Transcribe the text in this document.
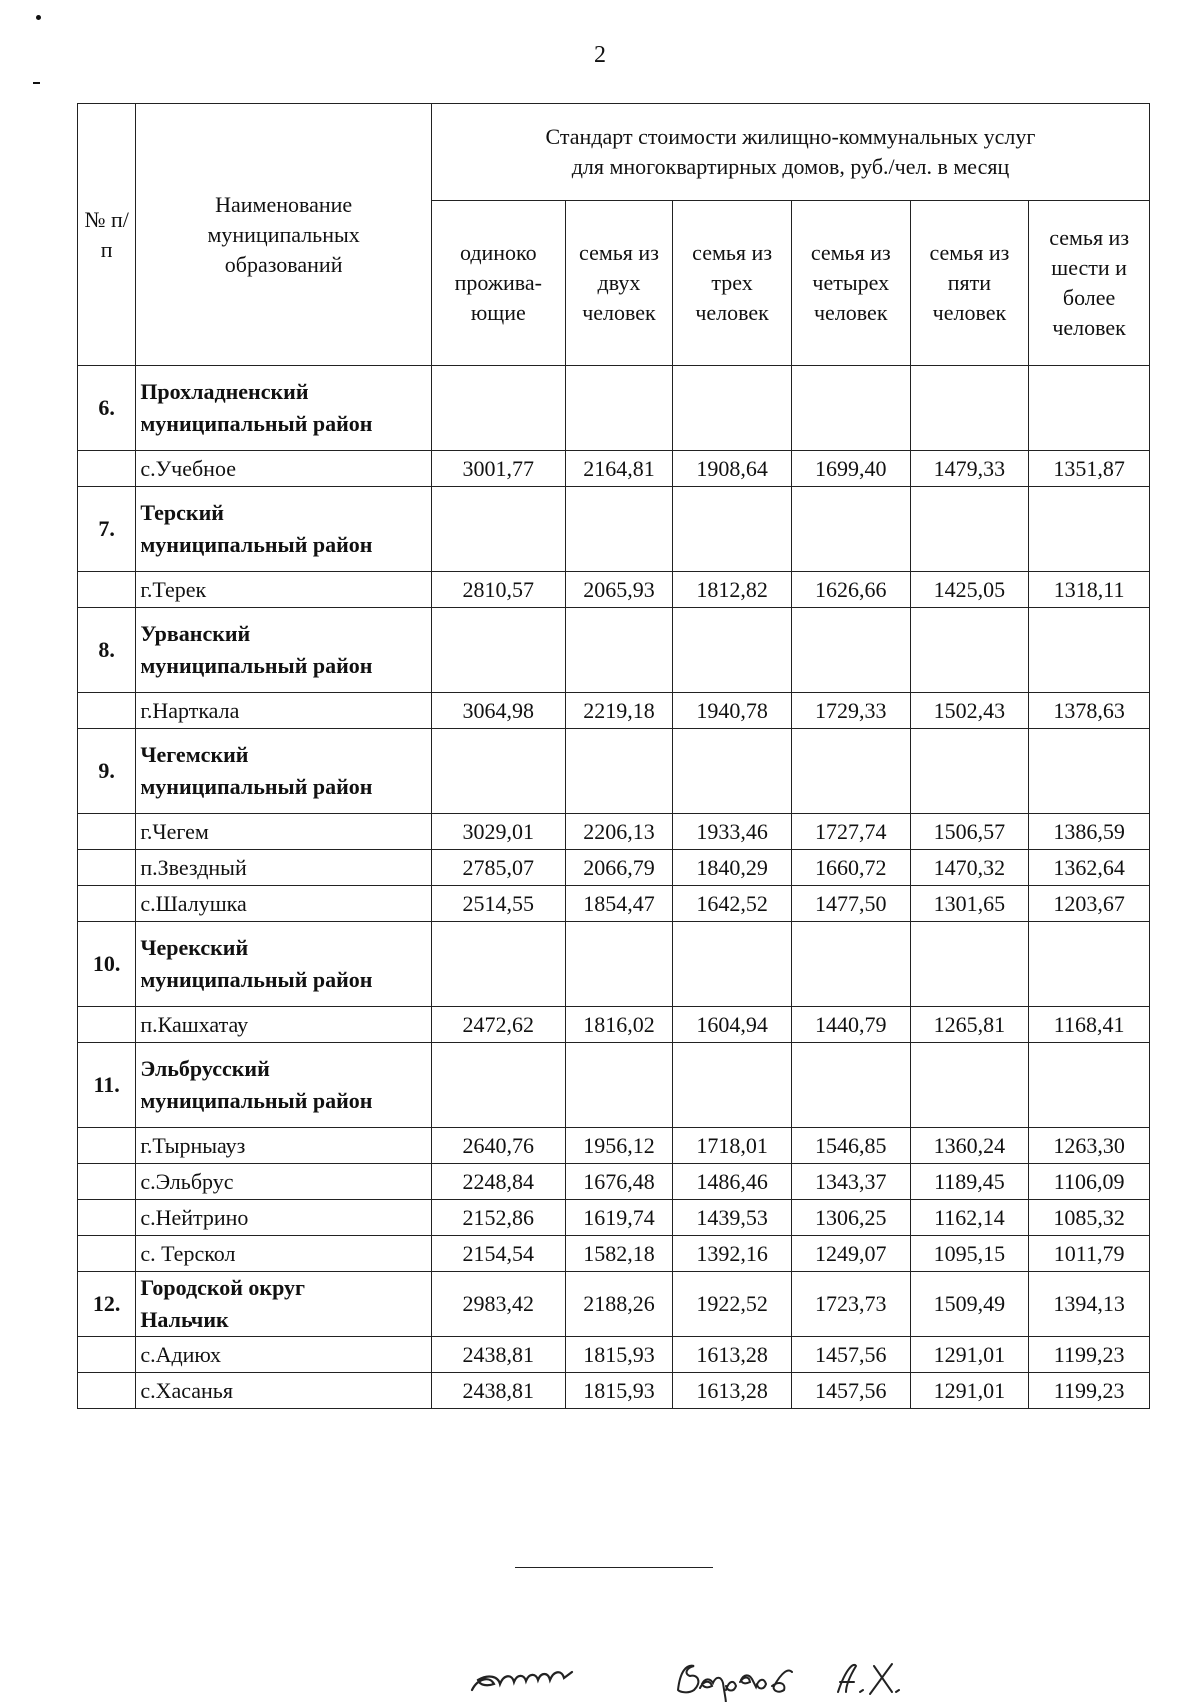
2
№ п/п	Наименование муниципальных образований	Стандарт стоимости жилищно-коммунальных услуг
для многоквартирных домов, руб./чел. в месяц					

		одиноко прожива- ющие	семья из двух человек	семья из трех человек	семья из четырех человек	семья из пяти человек	семья из шести и более человек
6.	Прохладненский
муниципальный район						

	с.Учебное	3001,77	2164,81	1908,64	1699,40	1479,33	1351,87
7.	Терский
муниципальный район						

	г.Терек	2810,57	2065,93	1812,82	1626,66	1425,05	1318,11
8.	Урванский
муниципальный район						

	г.Нарткала	3064,98	2219,18	1940,78	1729,33	1502,43	1378,63
9.	Чегемский
муниципальный район						

	г.Чегем	3029,01	2206,13	1933,46	1727,74	1506,57	1386,59
	п.Звездный	2785,07	2066,79	1840,29	1660,72	1470,32	1362,64
	с.Шалушка	2514,55	1854,47	1642,52	1477,50	1301,65	1203,67
10.	Черекский
муниципальный район						

	п.Кашхатау	2472,62	1816,02	1604,94	1440,79	1265,81	1168,41
11.	Эльбрусский
муниципальный район						

	г.Тырныауз	2640,76	1956,12	1718,01	1546,85	1360,24	1263,30
	с.Эльбрус	2248,84	1676,48	1486,46	1343,37	1189,45	1106,09
	с.Нейтрино	2152,86	1619,74	1439,53	1306,25	1162,14	1085,32
	с. Терскол	2154,54	1582,18	1392,16	1249,07	1095,15	1011,79
12.	Городской округ
Нальчик	2983,42	2188,26	1922,52	1723,73	1509,49	1394,13
	с.Адиюх	2438,81	1815,93	1613,28	1457,56	1291,01	1199,23
	с.Хасанья	2438,81	1815,93	1613,28	1457,56	1291,01	1199,23
